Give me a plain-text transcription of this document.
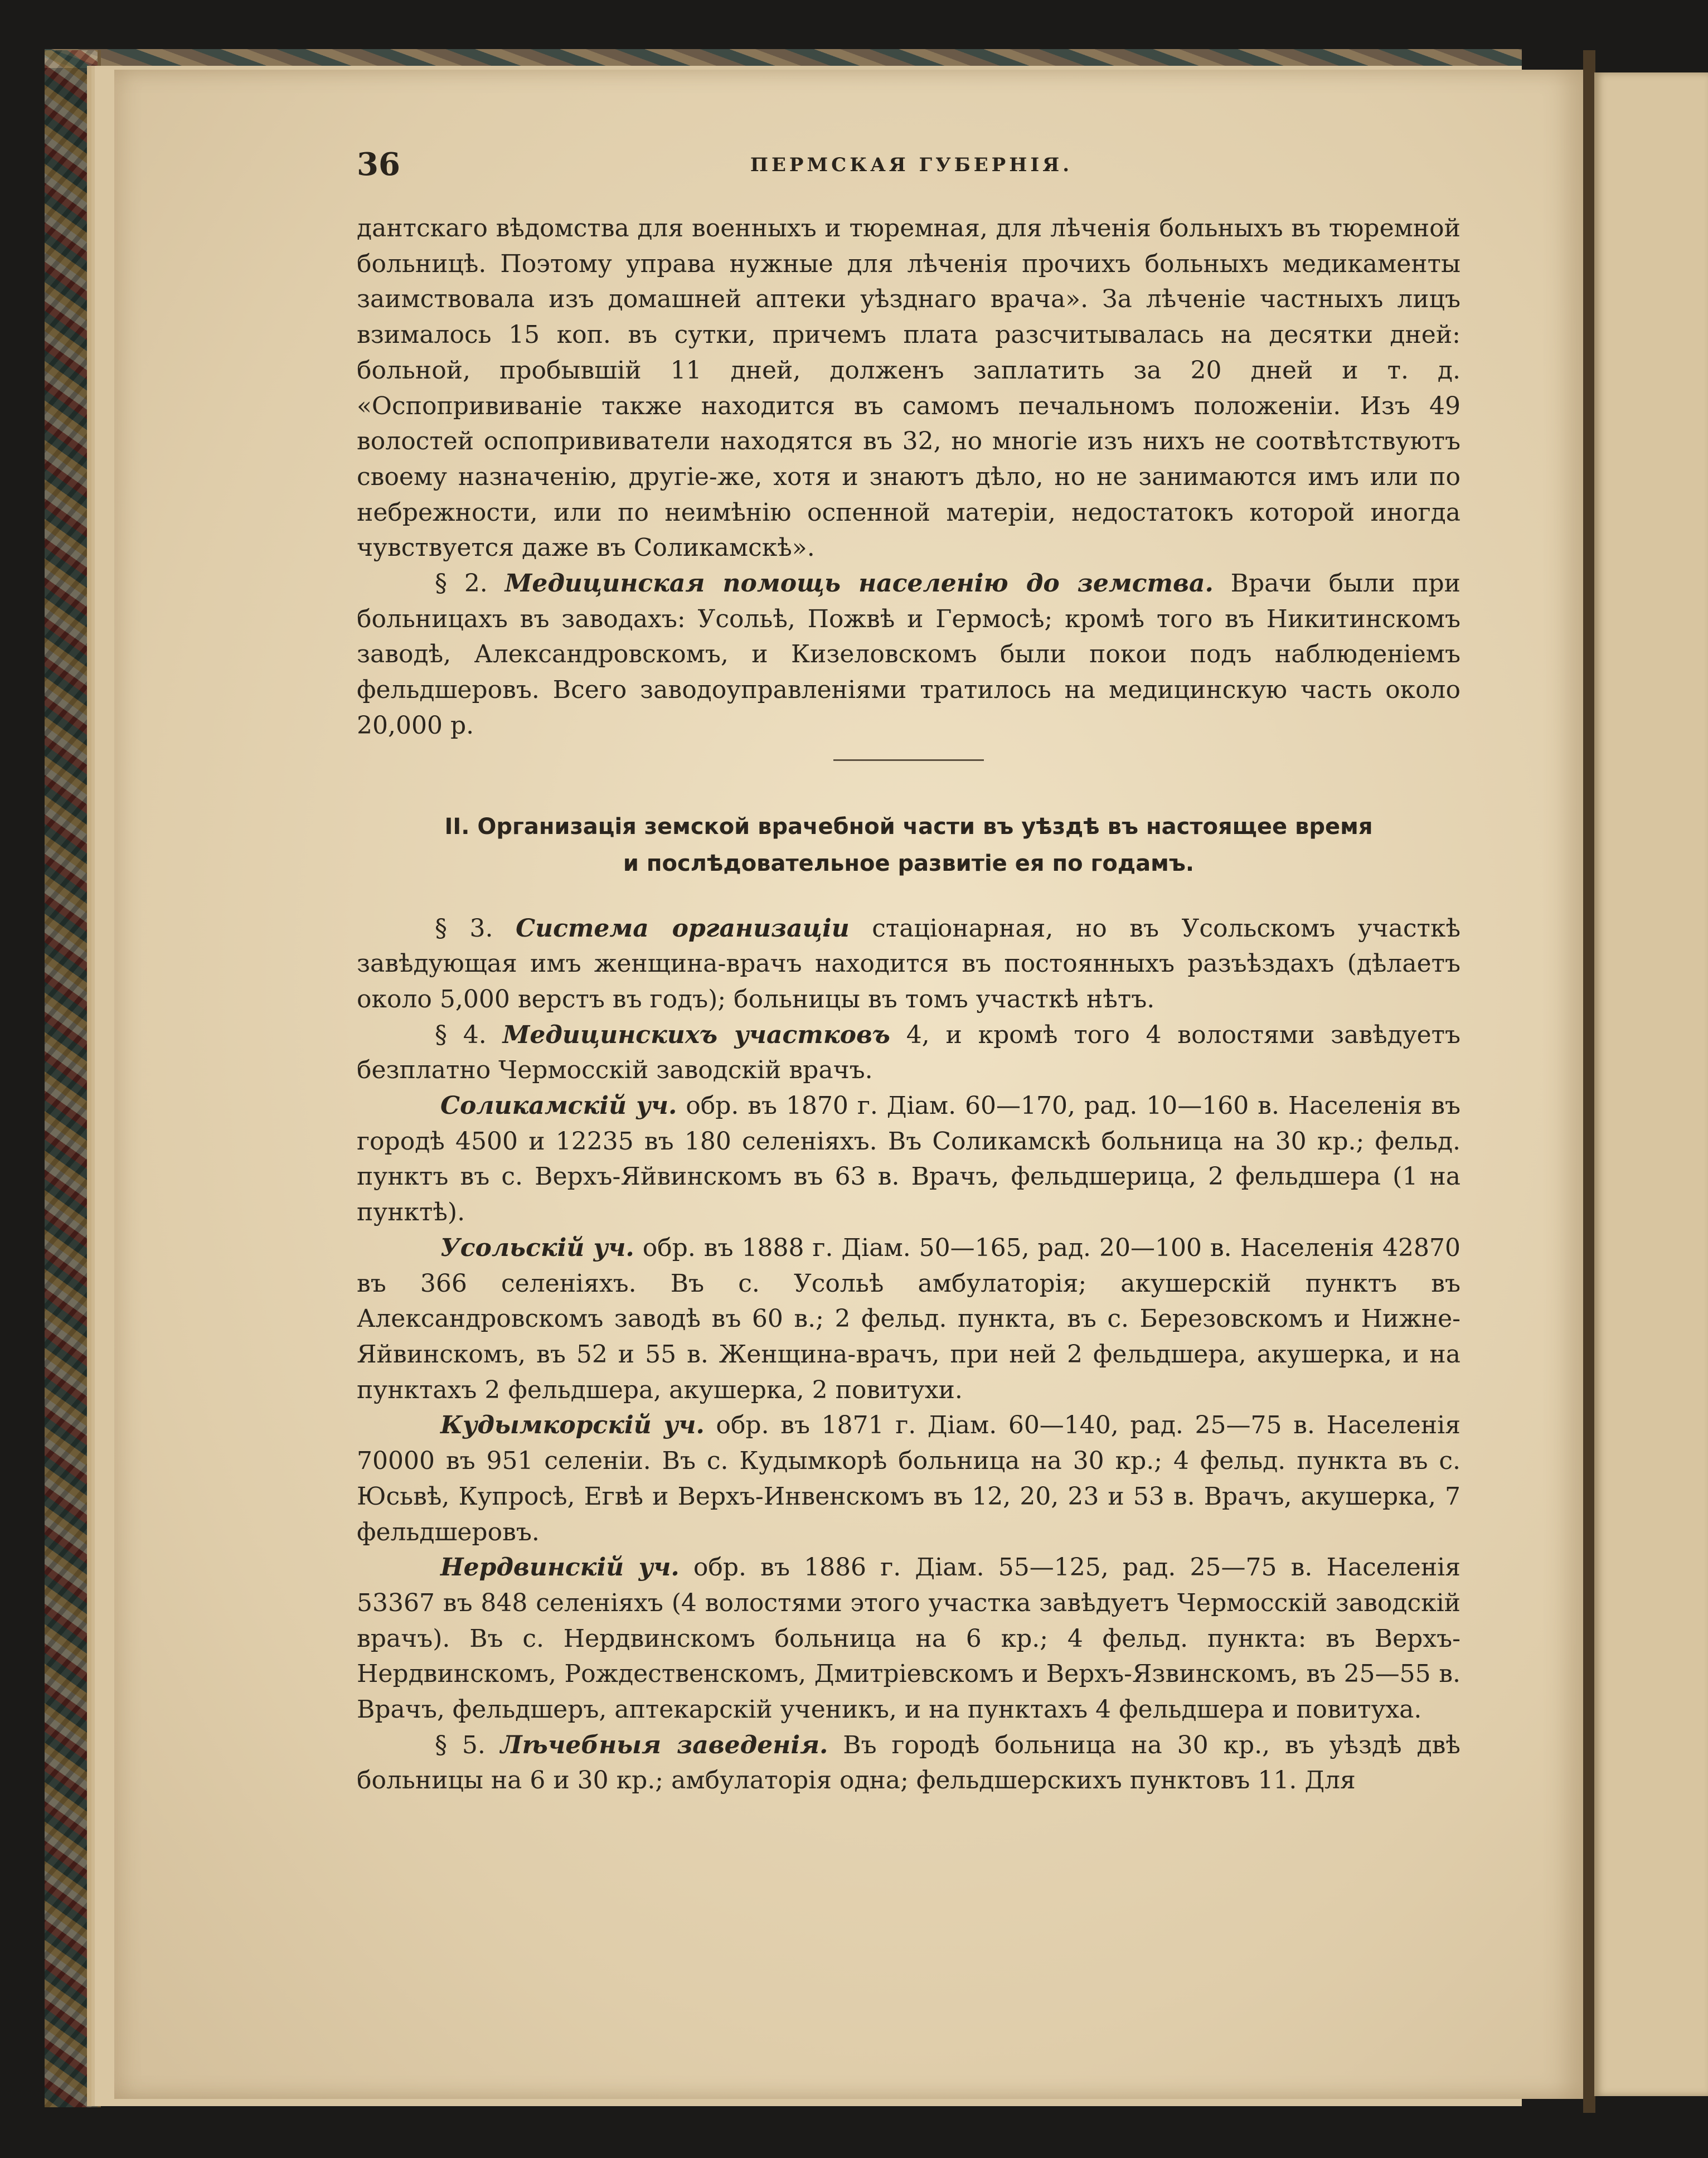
36	ПЕРМСКАЯ ГУБЕРНІЯ.

дантскаго вѣдомства для военныхъ и тюремная, для лѣченія больныхъ въ тюремной больницѣ. Поэтому управа нужные для лѣченія прочихъ больныхъ медикаменты заимствовала изъ домашней аптеки уѣзднаго врача». За лѣченіе частныхъ лицъ взималось 15 коп. въ сутки, причемъ плата разсчитывалась на десятки дней: больной, пробывшій 11 дней, долженъ заплатить за 20 дней и т. д. «Оспопрививаніе также находится въ самомъ печальномъ положеніи. Изъ 49 волостей оспопрививатели находятся въ 32, но многіе изъ нихъ не соотвѣтствуютъ своему назначенію, другіе-же, хотя и знаютъ дѣло, но не занимаются имъ или по небрежности, или по неимѣнію оспенной матеріи, недостатокъ которой иногда чувствуется даже въ Соликамскѣ».

§ 2. Медицинская помощь населенію до земства. Врачи были при больницахъ въ заводахъ: Усольѣ, Пожвѣ и Гермосѣ; кромѣ того въ Никитинскомъ заводѣ, Александровскомъ, и Кизеловскомъ были покои подъ наблюденіемъ фельдшеровъ. Всего заводоуправленіями тратилось на медицинскую часть около 20,000 р.

II. Организація земской врачебной части въ уѣздѣ въ настоящее время
и послѣдовательное развитіе ея по годамъ.

§ 3. Система организаціи стаціонарная, но въ Усольскомъ участкѣ завѣдующая имъ женщина-врачъ находится въ постоянныхъ разъѣздахъ (дѣлаетъ около 5,000 верстъ въ годъ); больницы въ томъ участкѣ нѣтъ.

§ 4. Медицинскихъ участковъ 4, и кромѣ того 4 волостями завѣдуетъ безплатно Чермосскій заводскій врачъ.

Соликамскій уч. обр. въ 1870 г. Діам. 60—170, рад. 10—160 в. Населенія въ городѣ 4500 и 12235 въ 180 селеніяхъ. Въ Соликамскѣ больница на 30 кр.; фельд. пунктъ въ с. Верхъ-Яйвинскомъ въ 63 в. Врачъ, фельдшерица, 2 фельдшера (1 на пунктѣ).

Усольскій уч. обр. въ 1888 г. Діам. 50—165, рад. 20—100 в. Населенія 42870 въ 366 селеніяхъ. Въ с. Усольѣ амбулаторія; акушерскій пунктъ въ Александровскомъ заводѣ въ 60 в.; 2 фельд. пункта, въ с. Березовскомъ и Нижне-Яйвинскомъ, въ 52 и 55 в. Женщина-врачъ, при ней 2 фельдшера, акушерка, и на пунктахъ 2 фельдшера, акушерка, 2 повитухи.

Кудымкорскій уч. обр. въ 1871 г. Діам. 60—140, рад. 25—75 в. Населенія 70000 въ 951 селеніи. Въ с. Кудымкорѣ больница на 30 кр.; 4 фельд. пункта въ с. Юсьвѣ, Купросѣ, Егвѣ и Верхъ-Инвенскомъ въ 12, 20, 23 и 53 в. Врачъ, акушерка, 7 фельдшеровъ.

Нердвинскій уч. обр. въ 1886 г. Діам. 55—125, рад. 25—75 в. Населенія 53367 въ 848 селеніяхъ (4 волостями этого участка завѣдуетъ Чермосскій заводскій врачъ). Въ с. Нердвинскомъ больница на 6 кр.; 4 фельд. пункта: въ Верхъ-Нердвинскомъ, Рождественскомъ, Дмитріевскомъ и Верхъ-Язвинскомъ, въ 25—55 в. Врачъ, фельдшеръ, аптекарскій ученикъ, и на пунктахъ 4 фельдшера и повитуха.

§ 5. Лѣчебныя заведенія. Въ городѣ больница на 30 кр., въ уѣздѣ двѣ больницы на 6 и 30 кр.; амбулаторія одна; фельдшерскихъ пунктовъ 11. Для
